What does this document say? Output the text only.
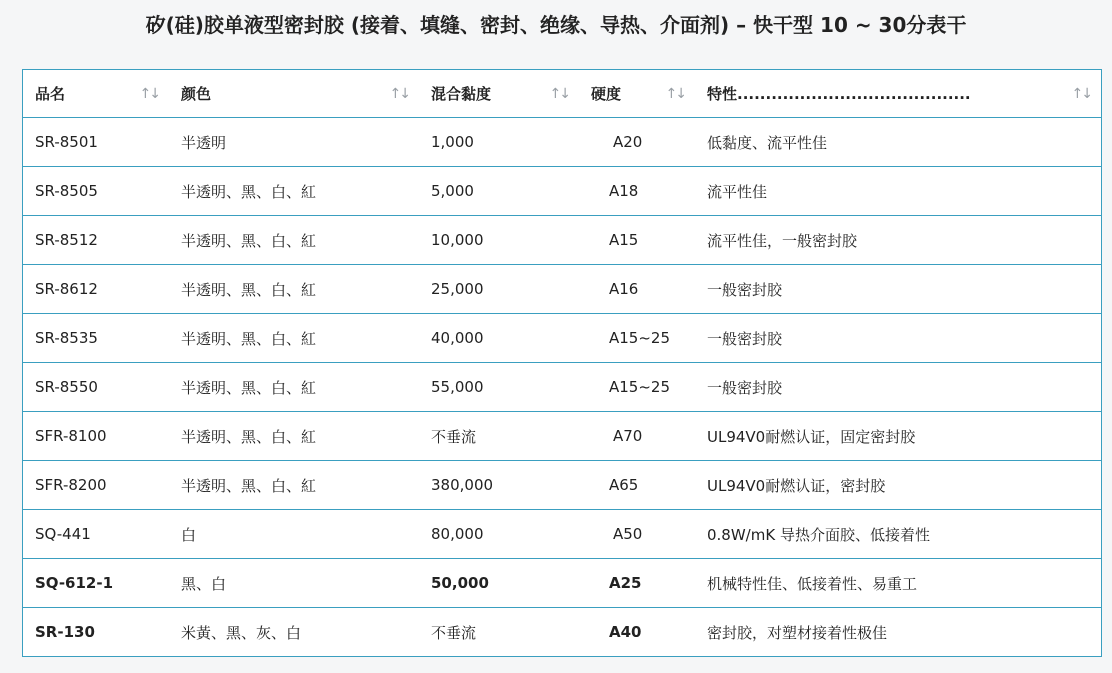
矽(硅)胶单液型密封胶 (接着、填缝、密封、绝缘、导热、介面剂) – 快干型 10 ~ 30分表干
品名 ↑↓	颜色 ↑↓	混合黏度 ↑↓	硬度 ↑↓	特性......................................... ↑↓

SR-8501	半透明	1,000	A20	低黏度、流平性佳
SR-8505	半透明、黑、白、紅	5,000	A18	流平性佳
SR-8512	半透明、黑、白、紅	10,000	A15	流平性佳，一般密封胶
SR-8612	半透明、黑、白、紅	25,000	A16	一般密封胶
SR-8535	半透明、黑、白、紅	40,000	A15~25	一般密封胶
SR-8550	半透明、黑、白、紅	55,000	A15~25	一般密封胶
SFR-8100	半透明、黑、白、紅	不垂流	A70	UL94V0耐燃认证，固定密封胶
SFR-8200	半透明、黑、白、紅	380,000	A65	UL94V0耐燃认证，密封胶
SQ-441	白	80,000	A50	0.8W/mK 导热介面胶、低接着性
SQ-612-1	黑、白	50,000	A25	机械特性佳、低接着性、易重工
SR-130	米黃、黑、灰、白	不垂流	A40	密封胶，对塑材接着性极佳
